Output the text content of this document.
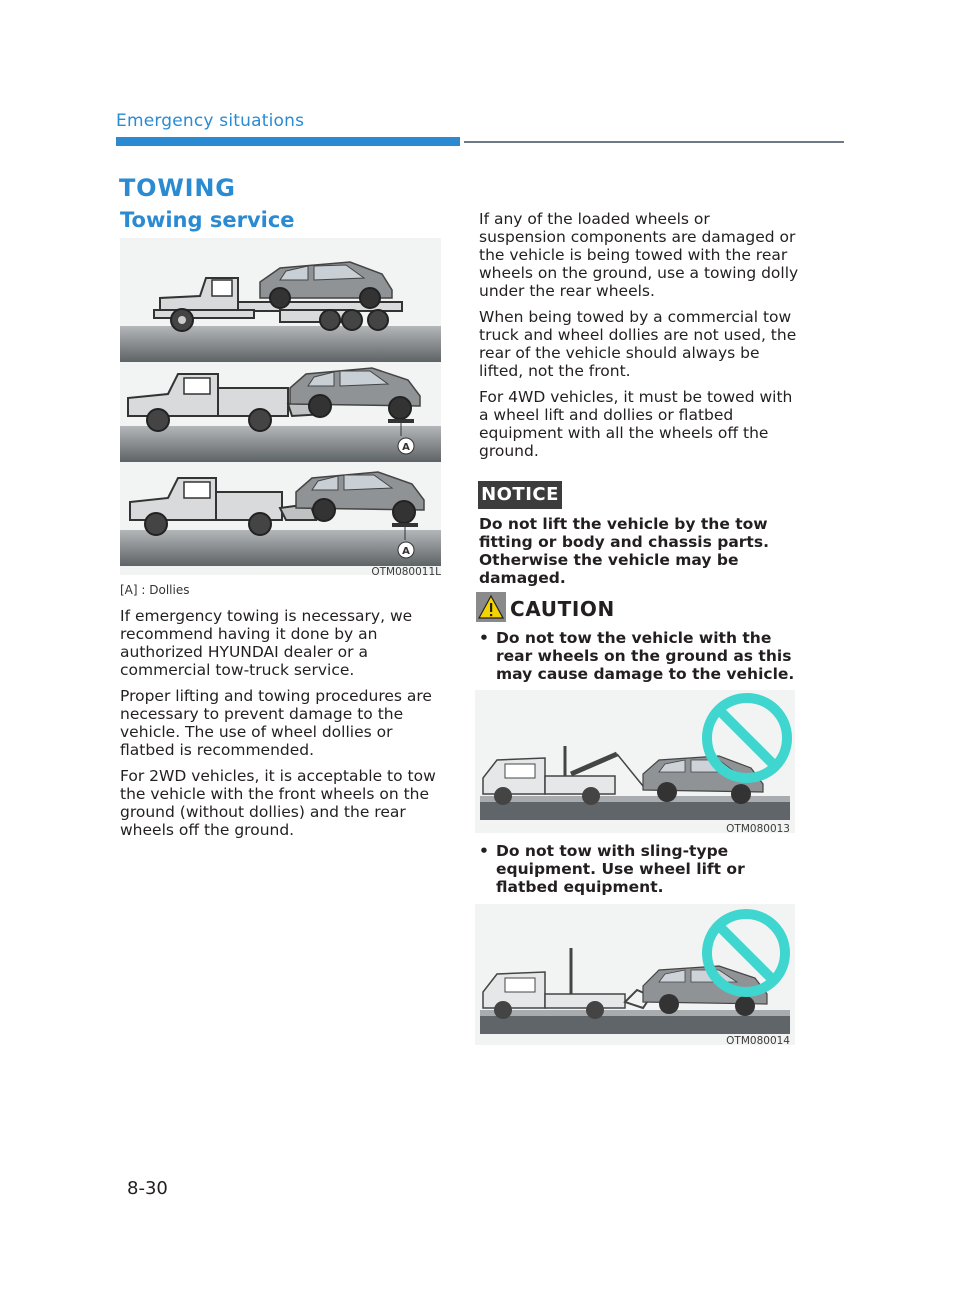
Emergency situations
TOWING
Towing service
A
A
OTM080011L
[A] : Dollies

If emergency towing is necessary, we recommend having it done by an authorized HYUNDAI dealer or a commercial tow-truck service.

Proper lifting and towing procedures are necessary to prevent damage to the vehicle. The use of wheel dollies or flatbed is recommended.

For 2WD vehicles, it is acceptable to tow the vehicle with the front wheels on the ground (without dollies) and the rear wheels off the ground.

If any of the loaded wheels or suspension components are damaged or the vehicle is being towed with the rear wheels on the ground, use a towing dolly under the rear wheels.

When being towed by a commercial tow truck and wheel dollies are not used, the rear of the vehicle should always be lifted, not the front.

For 4WD vehicles, it must be towed with a wheel lift and dollies or flatbed equipment with all the wheels off the ground.

NOTICE
Do not lift the vehicle by the tow fitting or body and chassis parts. Otherwise the vehicle may be damaged.
CAUTION
• Do not tow the vehicle with the rear wheels on the ground as this may cause damage to the vehicle.
OTM080013
• Do not tow with sling-type equipment. Use wheel lift or flatbed equipment.
OTM080014
8-30
